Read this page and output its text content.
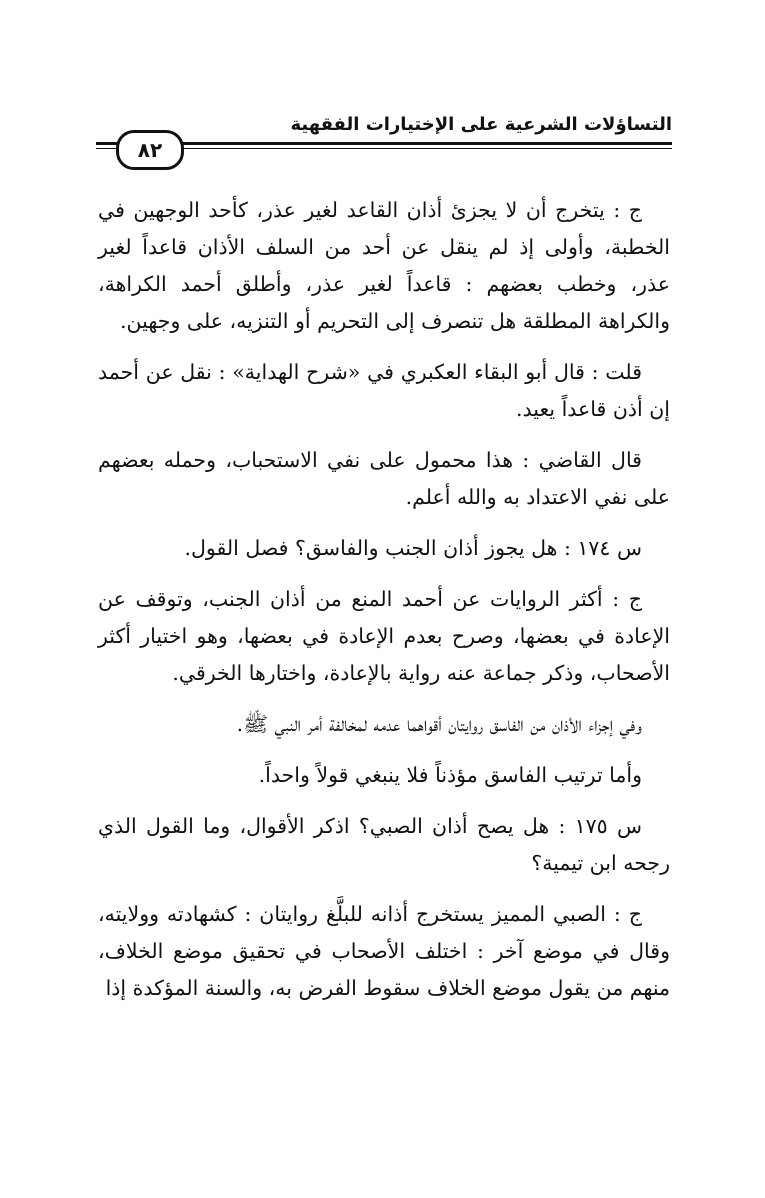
التساؤلات الشرعية على الإختيارات الفقهية
٨٢

ج : يتخرج أن لا يجزئ أذان القاعد لغير عذر، كأحد الوجهين في الخطبة، وأولى إذ لم ينقل عن أحد من السلف الأذان قاعداً لغير عذر، وخطب بعضهم : قاعداً لغير عذر، وأطلق أحمد الكراهة، والكراهة المطلقة هل تنصرف إلى التحريم أو التنزيه، على وجهين.

قلت : قال أبو البقاء العكبري في «شرح الهداية» : نقل عن أحمد إن أذن قاعداً يعيد.

قال القاضي : هذا محمول على نفي الاستحباب، وحمله بعضهم على نفي الاعتداد به والله أعلم.

س ١٧٤ : هل يجوز أذان الجنب والفاسق؟ فصل القول.

ج : أكثر الروايات عن أحمد المنع من أذان الجنب، وتوقف عن الإعادة في بعضها، وصرح بعدم الإعادة في بعضها، وهو اختيار أكثر الأصحاب، وذكر جماعة عنه رواية بالإعادة، واختارها الخرقي.

وفي إجزاء الأذان من الفاسق روايتان أقواهما عدمه لمخالفة أمر النبي ﷺ.

وأما ترتيب الفاسق مؤذناً فلا ينبغي قولاً واحداً.

س ١٧٥ : هل يصح أذان الصبي؟ اذكر الأقوال، وما القول الذي رجحه ابن تيمية؟

ج : الصبي المميز يستخرج أذانه للبلَّغ روايتان : كشهادته وولايته، وقال في موضع آخر : اختلف الأصحاب في تحقيق موضع الخلاف، منهم من يقول موضع الخلاف سقوط الفرض به، والسنة المؤكدة إذا
